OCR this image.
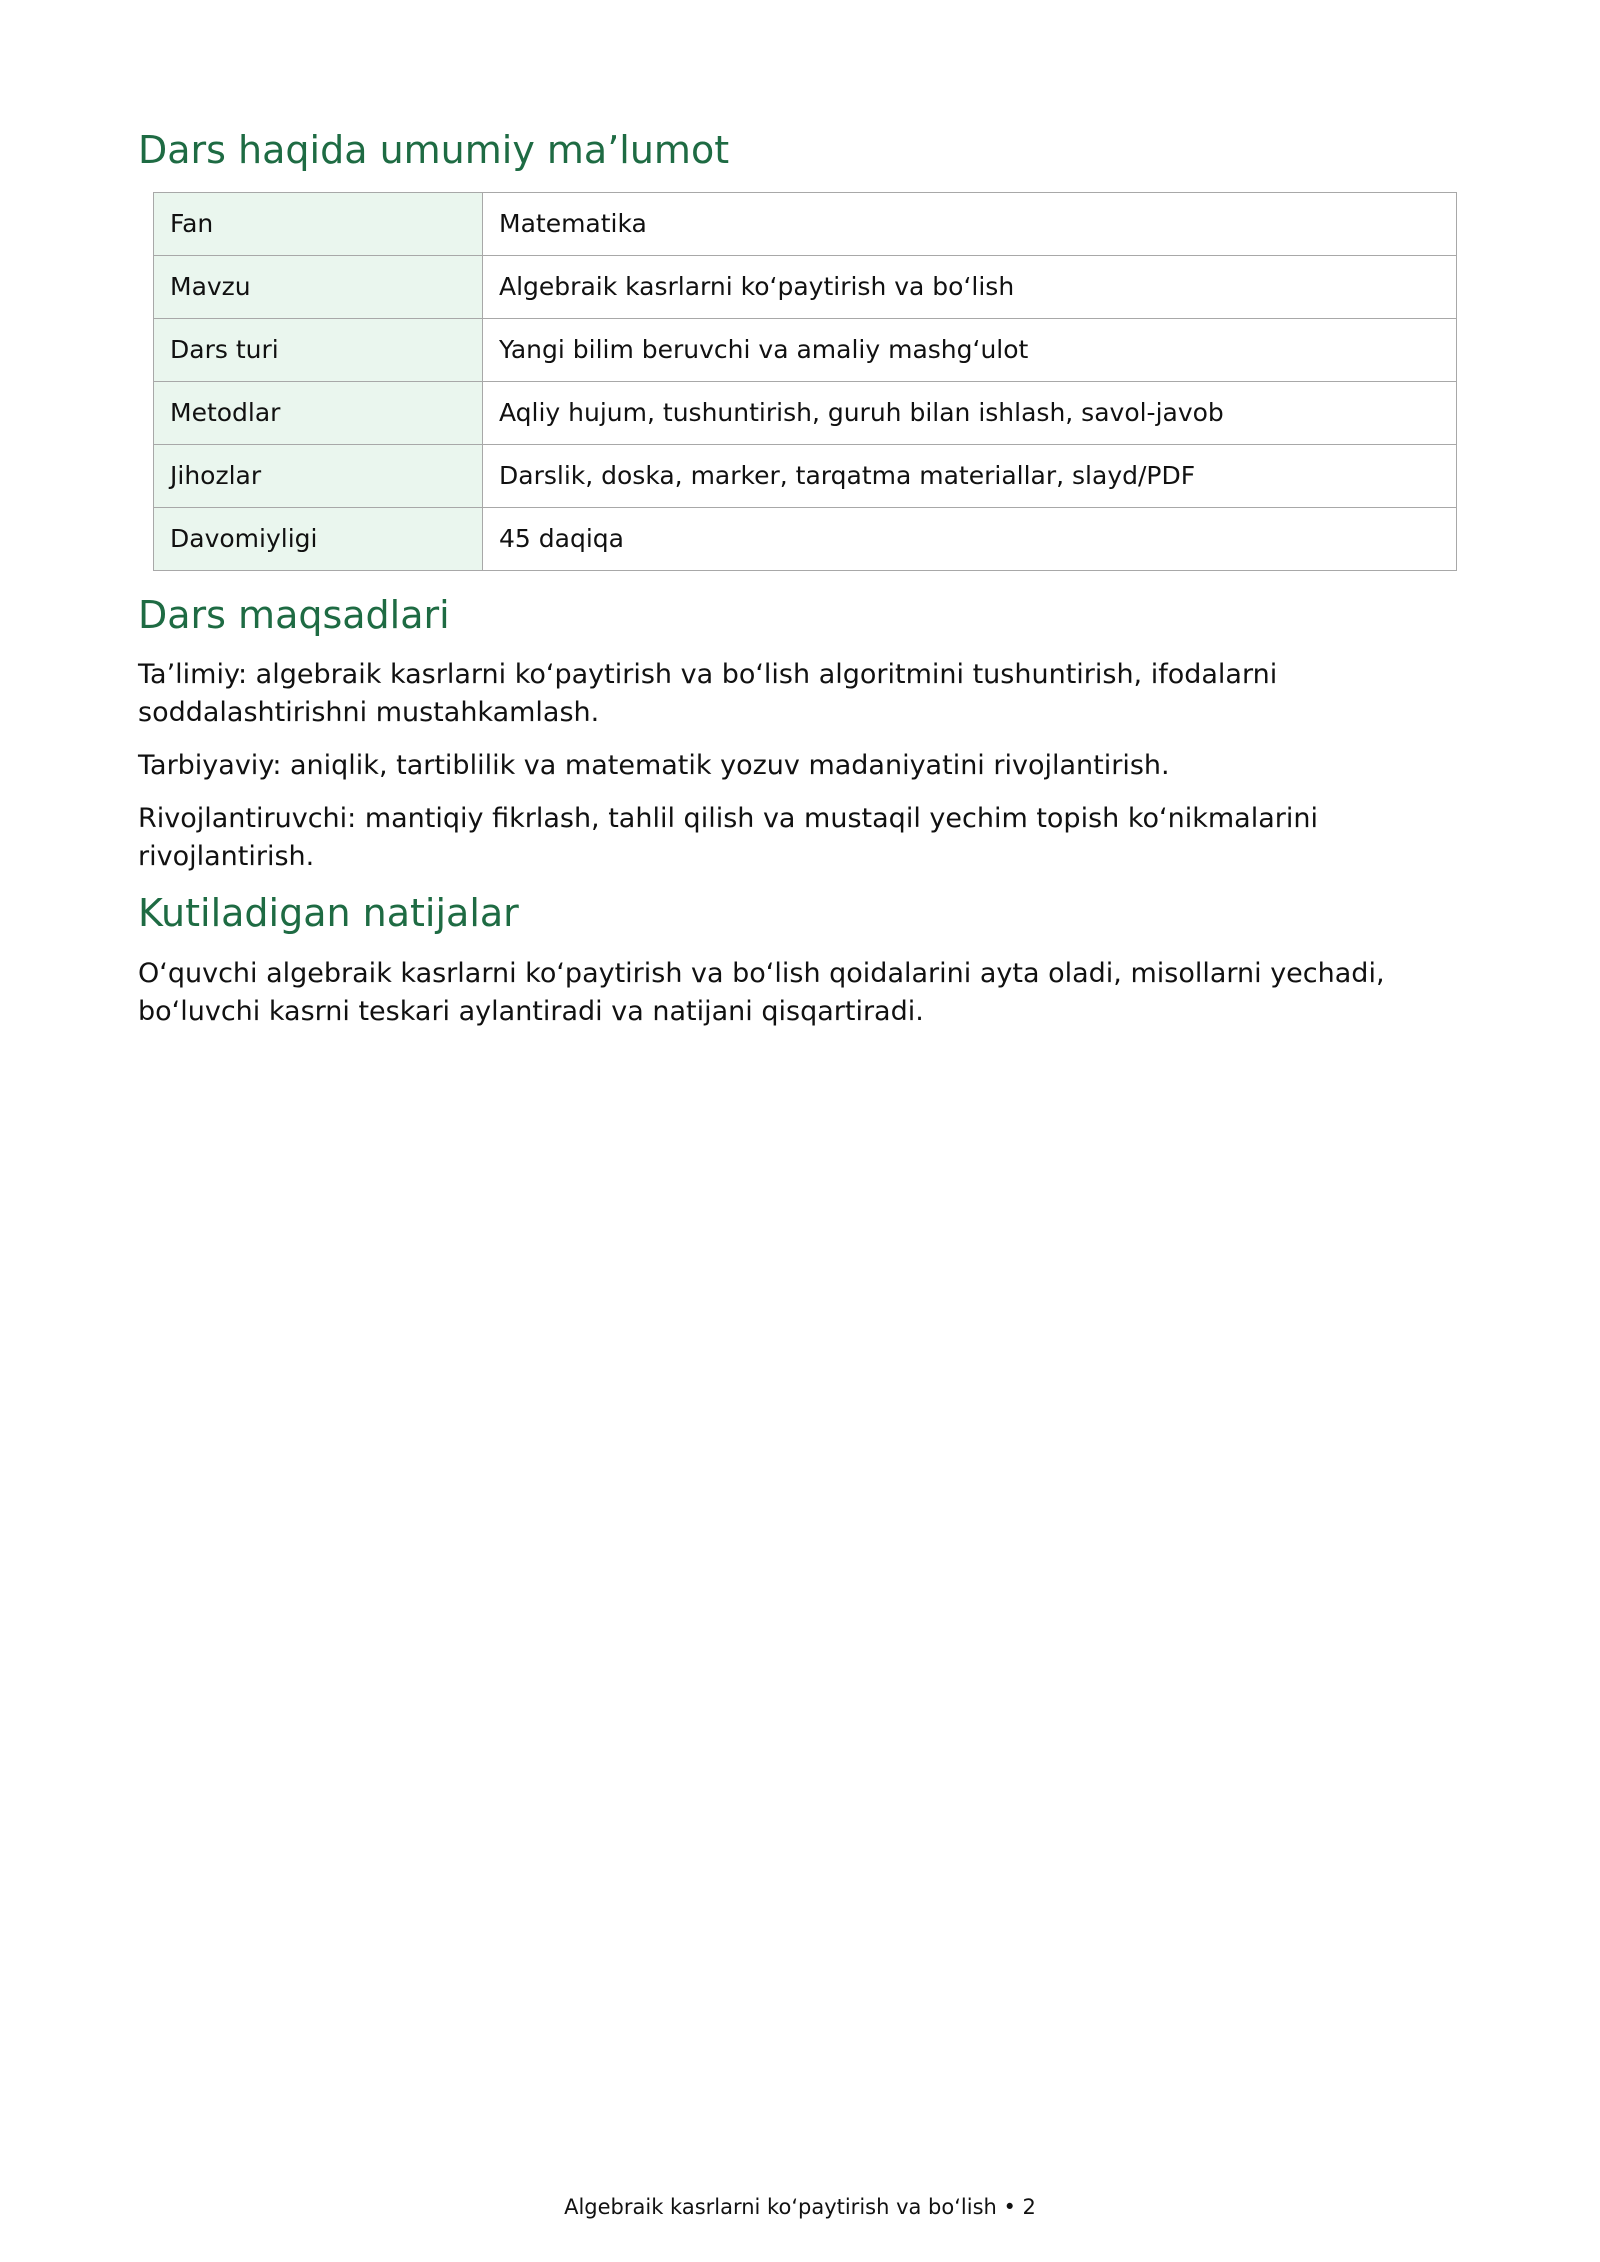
Dars haqida umumiy ma’lumot
Fan	Matematika
Mavzu	Algebraik kasrlarni ko‘paytirish va bo‘lish
Dars turi	Yangi bilim beruvchi va amaliy mashg‘ulot
Metodlar	Aqliy hujum, tushuntirish, guruh bilan ishlash, savol-javob
Jihozlar	Darslik, doska, marker, tarqatma materiallar, slayd/PDF
Davomiyligi	45 daqiqa
Dars maqsadlari

Ta’limiy: algebraik kasrlarni ko‘paytirish va bo‘lish algoritmini tushuntirish, ifodalarni soddalashtirishni mustahkamlash.

Tarbiyaviy: aniqlik, tartiblilik va matematik yozuv madaniyatini rivojlantirish.

Rivojlantiruvchi: mantiqiy fikrlash, tahlil qilish va mustaqil yechim topish ko‘nikmalarini rivojlantirish.

Kutiladigan natijalar

O‘quvchi algebraik kasrlarni ko‘paytirish va bo‘lish qoidalarini ayta oladi, misollarni yechadi, bo‘luvchi kasrni teskari aylantiradi va natijani qisqartiradi.

Algebraik kasrlarni ko‘paytirish va bo‘lish • 2
